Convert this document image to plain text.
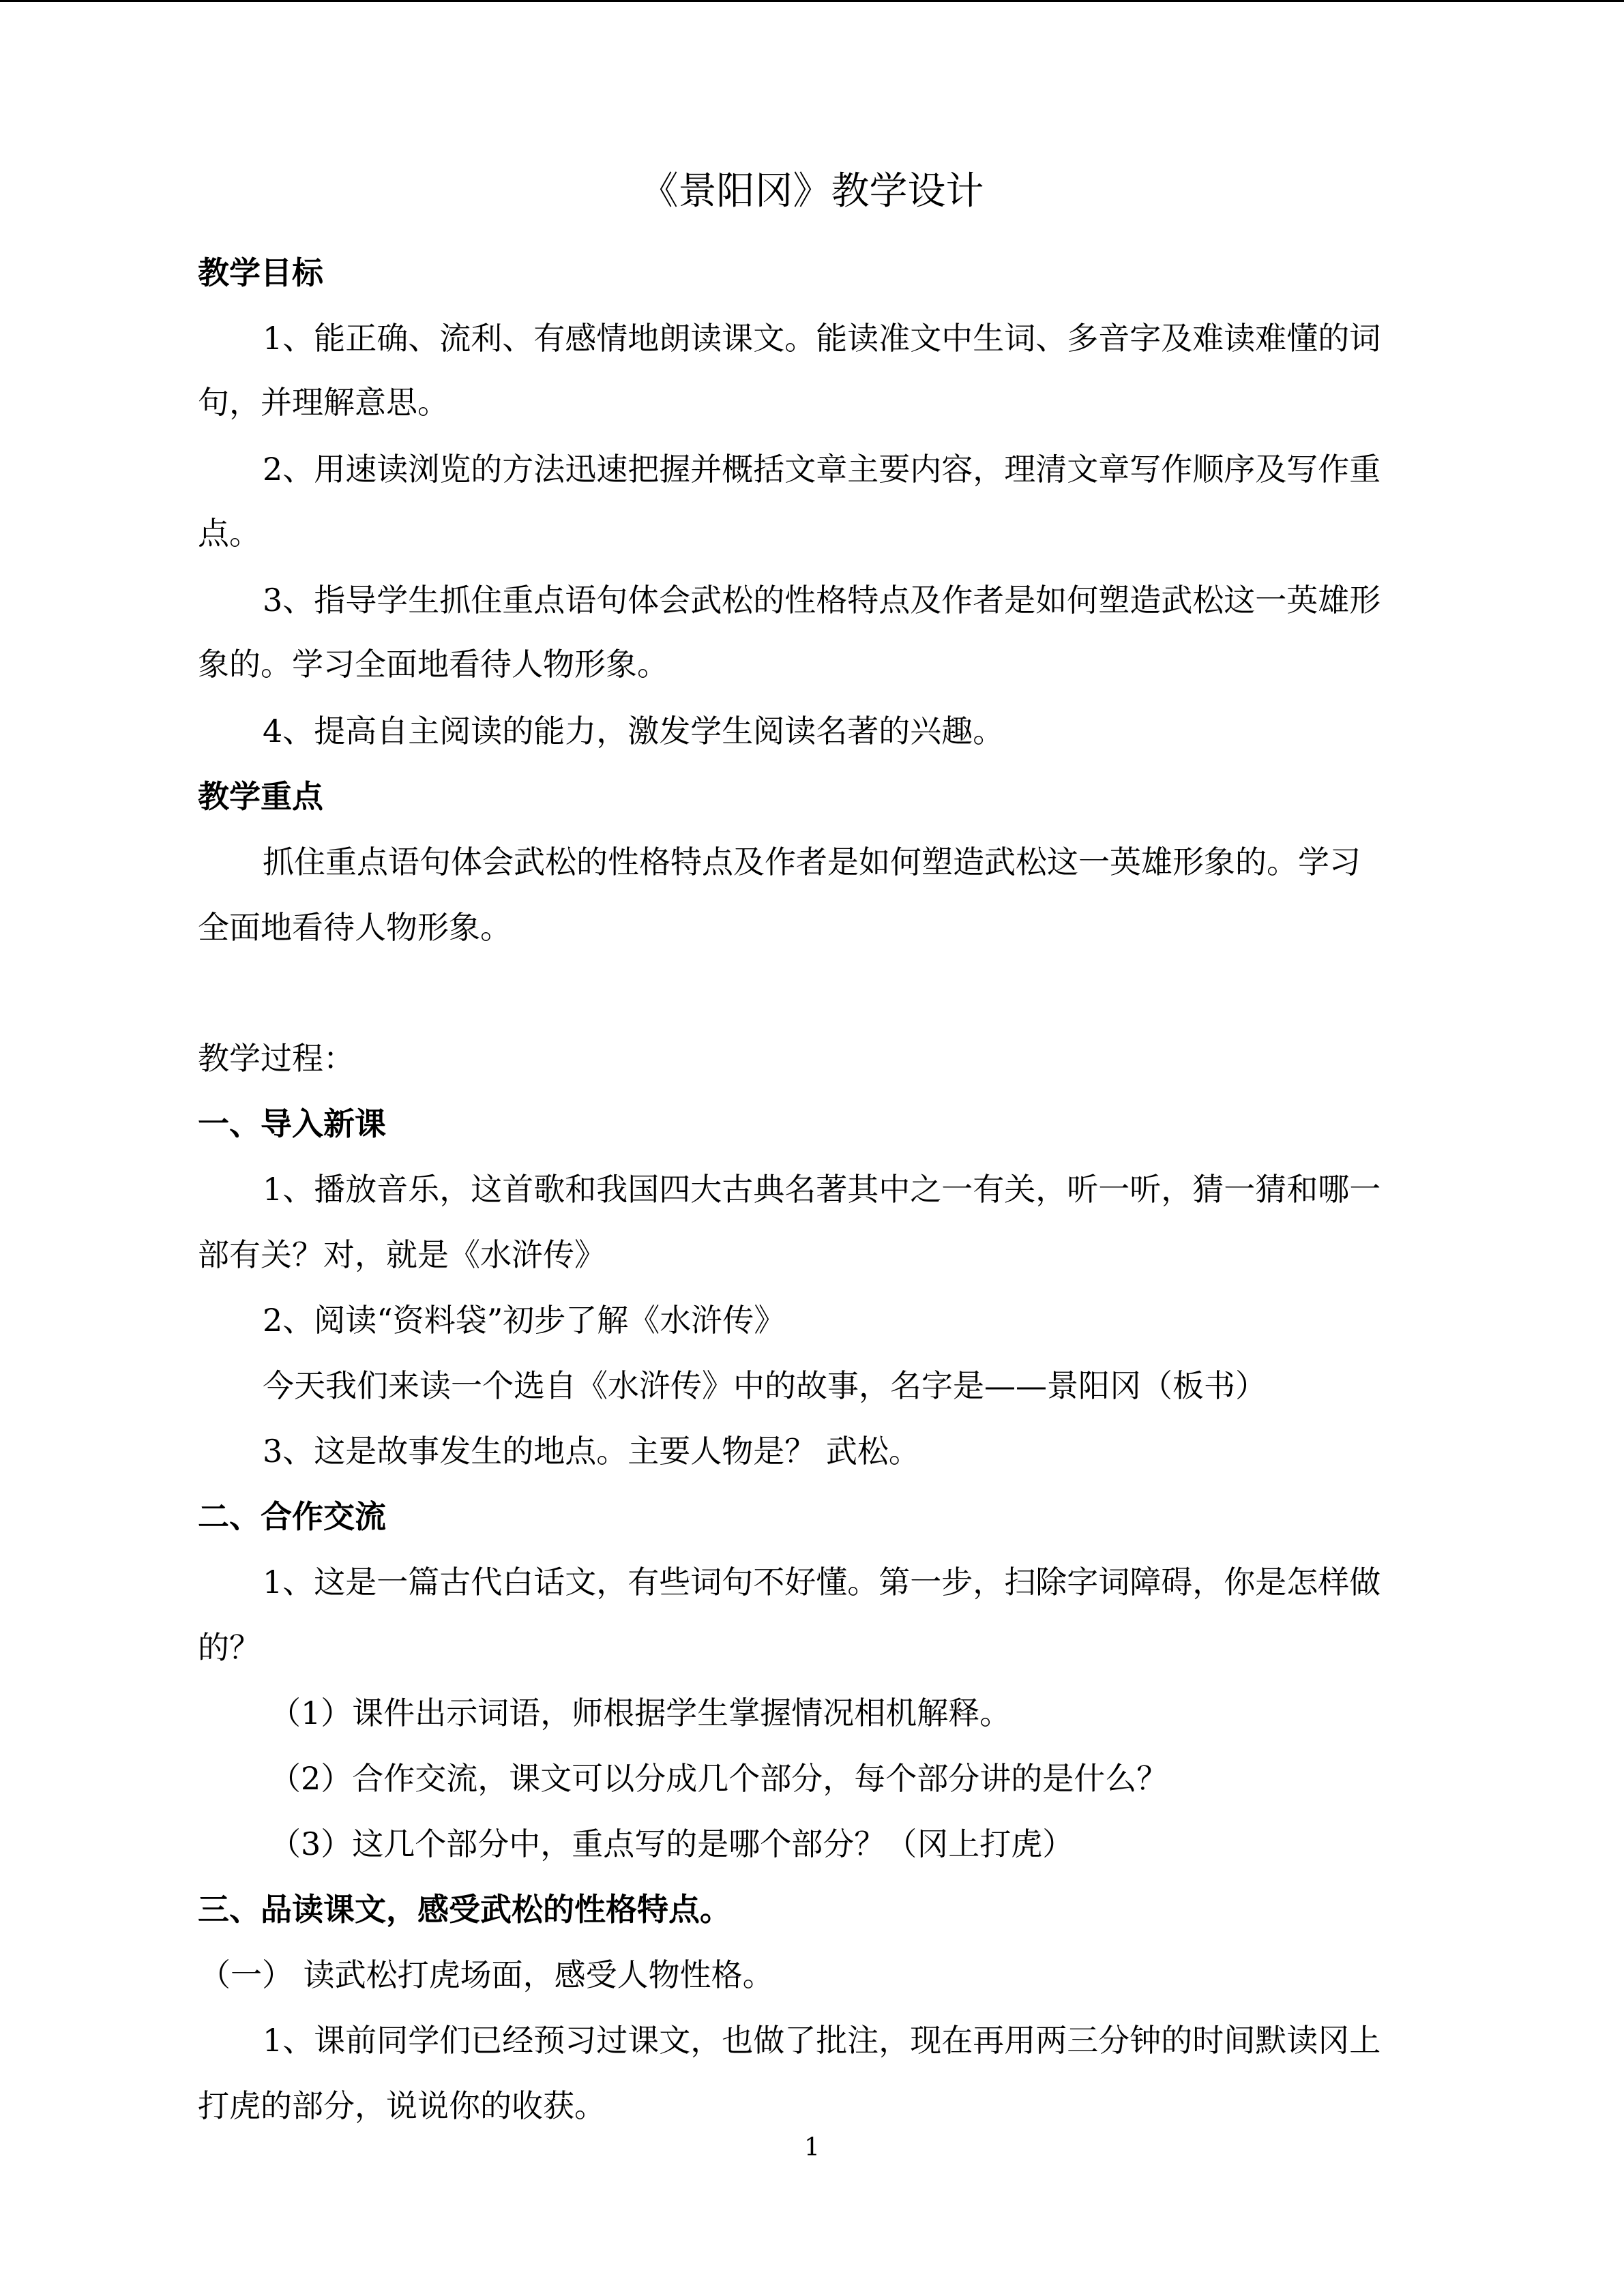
《景阳冈》教学设计

教学目标

1、能正确、流利、有感情地朗读课文。能读准文中生词、多音字及难读难懂的词

句，并理解意思。

2、用速读浏览的方法迅速把握并概括文章主要内容，理清文章写作顺序及写作重

点。

3、指导学生抓住重点语句体会武松的性格特点及作者是如何塑造武松这一英雄形

象的。学习全面地看待人物形象。

4、提高自主阅读的能力，激发学生阅读名著的兴趣。

教学重点

抓住重点语句体会武松的性格特点及作者是如何塑造武松这一英雄形象的。学习

全面地看待人物形象。

教学过程：

一、导入新课

1、播放音乐，这首歌和我国四大古典名著其中之一有关，听一听，猜一猜和哪一

部有关？对，就是《水浒传》

2、阅读“资料袋”初步了解《水浒传》

今天我们来读一个选自《水浒传》中的故事，名字是——景阳冈（板书）

3、这是故事发生的地点。主要人物是？ 武松。

二、合作交流

1、这是一篇古代白话文，有些词句不好懂。第一步，扫除字词障碍，你是怎样做

的？

（1）课件出示词语，师根据学生掌握情况相机解释。

（2）合作交流，课文可以分成几个部分，每个部分讲的是什么？

（3）这几个部分中，重点写的是哪个部分？（冈上打虎）

三、品读课文，感受武松的性格特点。

（一） 读武松打虎场面，感受人物性格。

1、课前同学们已经预习过课文，也做了批注，现在再用两三分钟的时间默读冈上

打虎的部分，说说你的收获。

1
